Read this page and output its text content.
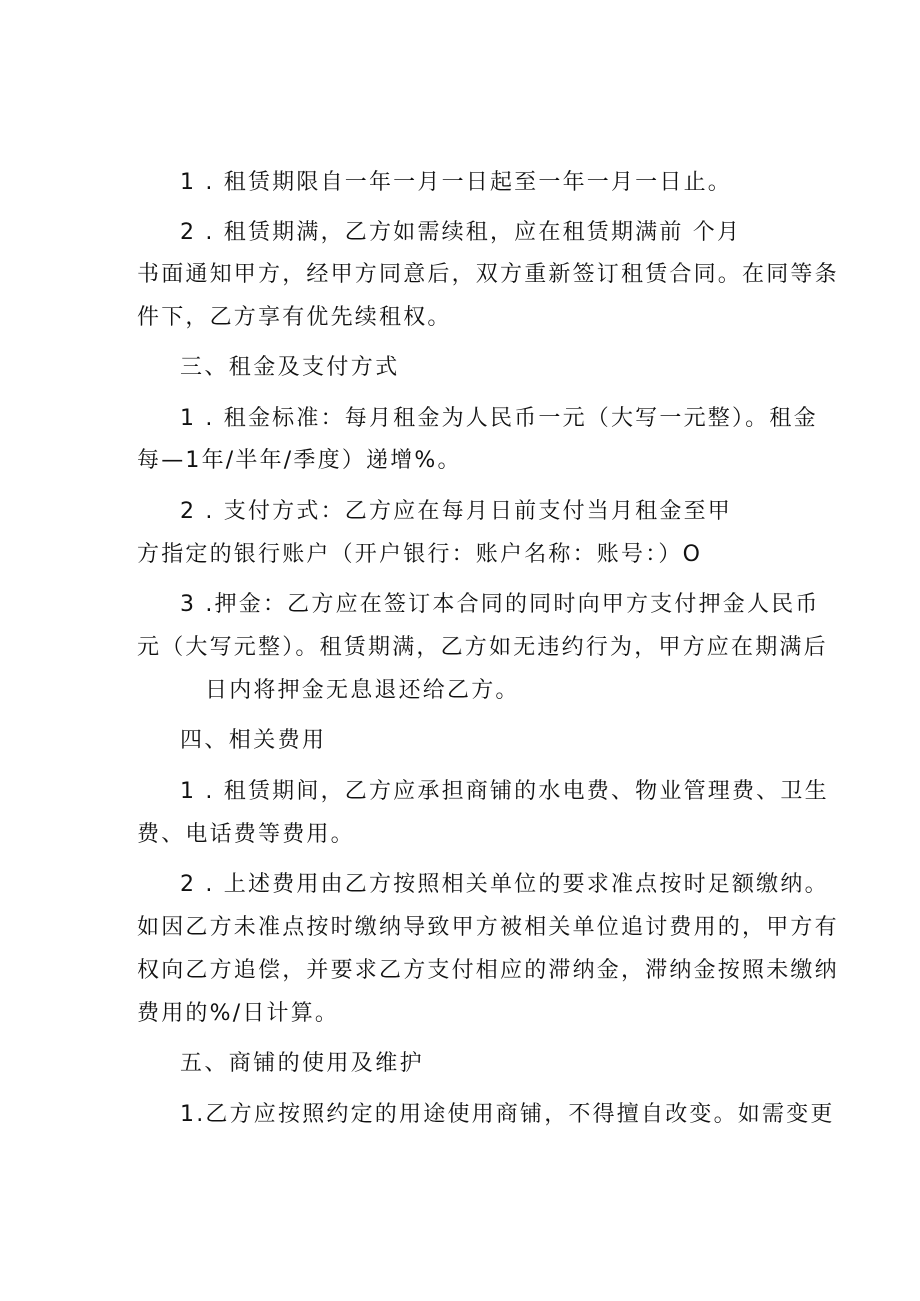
1 . 租赁期限自一年一月一日起至一年一月一日止。
2 . 租赁期满，乙方如需续租，应在租赁期满前 个月
书面通知甲方，经甲方同意后，双方重新签订租赁合同。在同等条
件下，乙方享有优先续租权。
三、租金及支付方式
1 . 租金标准：每月租金为人民币一元（大写一元整）。租金
每—1年/半年/季度）递增%。
2 . 支付方式：乙方应在每月日前支付当月租金至甲
方指定的银行账户（开户银行：账户名称：账号：）O
3 .押金：乙方应在签订本合同的同时向甲方支付押金人民币
元（大写元整）。租赁期满，乙方如无违约行为，甲方应在期满后
日内将押金无息退还给乙方。
四、相关费用
1 . 租赁期间，乙方应承担商铺的水电费、物业管理费、卫生
费、电话费等费用。
2 . 上述费用由乙方按照相关单位的要求准点按时足额缴纳。
如因乙方未准点按时缴纳导致甲方被相关单位追讨费用的，甲方有
权向乙方追偿，并要求乙方支付相应的滞纳金，滞纳金按照未缴纳
费用的%/日计算。
五、商铺的使用及维护
1.乙方应按照约定的用途使用商铺，不得擅自改变。如需变更
